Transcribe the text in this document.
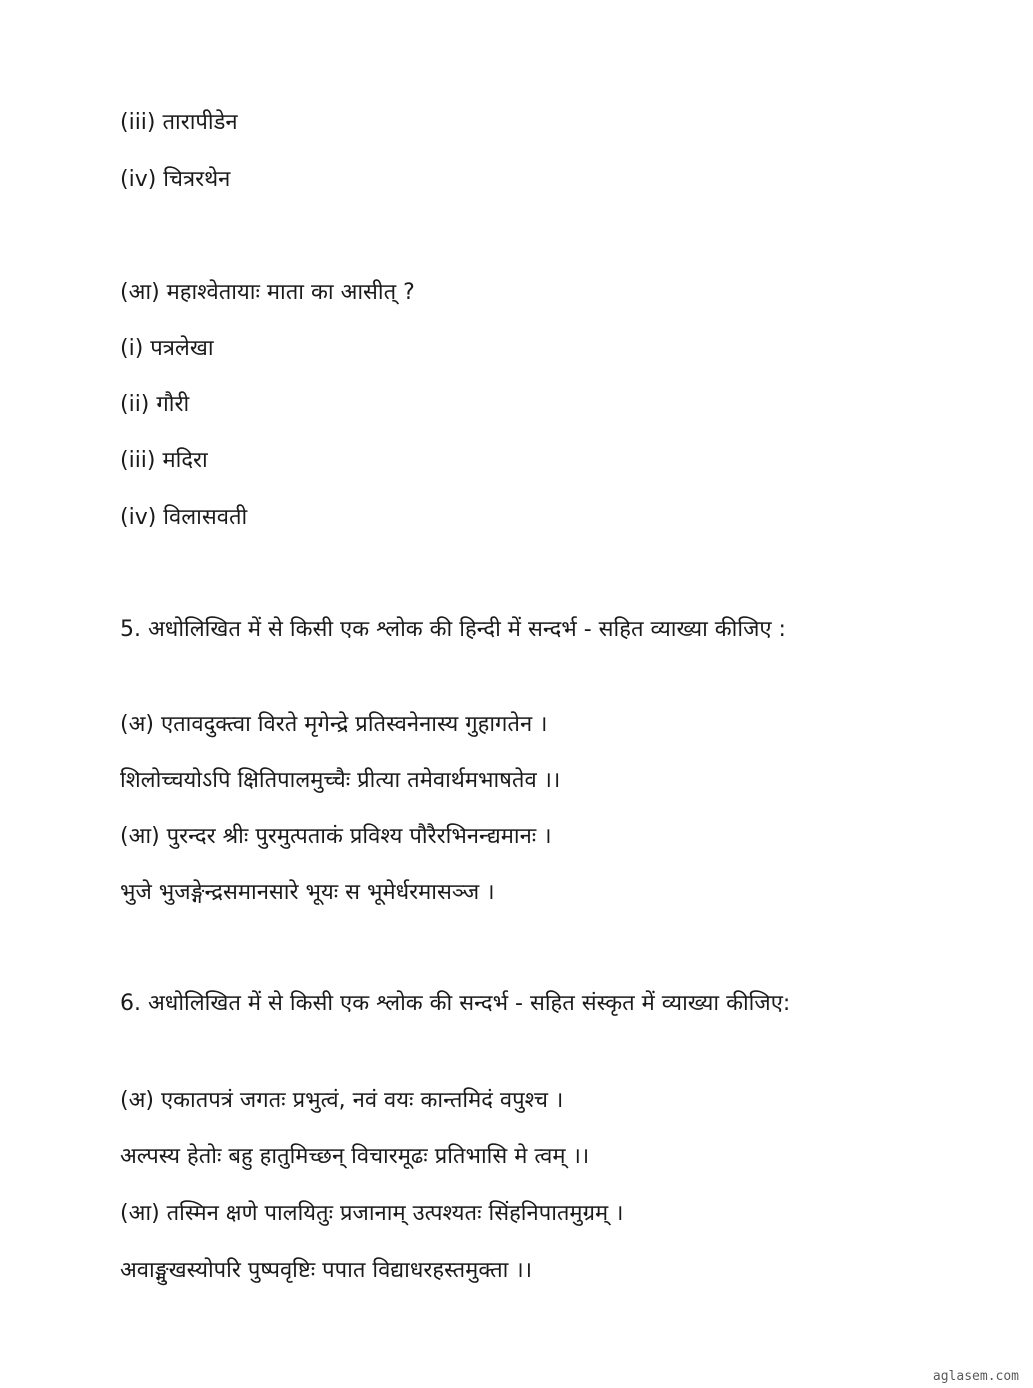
(iii) तारापीडेन
(iv) चित्ररथेन
(आ) महाश्वेतायाः माता का आसीत् ?
(i) पत्रलेखा
(ii) गौरी
(iii) मदिरा
(iv) विलासवती
5. अधोलिखित में से किसी एक श्लोक की हिन्दी में सन्दर्भ - सहित व्याख्या कीजिए :
(अ) एतावदुक्त्वा विरते मृगेन्द्रे प्रतिस्वनेनास्य गुहागतेन ।
शिलोच्चयोऽपि क्षितिपालमुच्चैः प्रीत्या तमेवार्थमभाषतेव ।।
(आ) पुरन्दर श्रीः पुरमुत्पताकं प्रविश्य पौरैरभिनन्द्यमानः ।
भुजे भुजङ्गेन्द्रसमानसारे भूयः स भूमेर्धरमासञ्ज ।
6. अधोलिखित में से किसी एक श्लोक की सन्दर्भ - सहित संस्कृत में व्याख्या कीजिए:
(अ) एकातपत्रं जगतः प्रभुत्वं, नवं वयः कान्तमिदं वपुश्च ।
अल्पस्य हेतोः बहु हातुमिच्छन् विचारमूढः प्रतिभासि मे त्वम् ।।
(आ) तस्मिन क्षणे पालयितुः प्रजानाम् उत्पश्यतः सिंहनिपातमुग्रम् ।
अवाङ्मुखस्योपरि पुष्पवृष्टिः पपात विद्याधरहस्तमुक्ता ।।
aglasem.com
